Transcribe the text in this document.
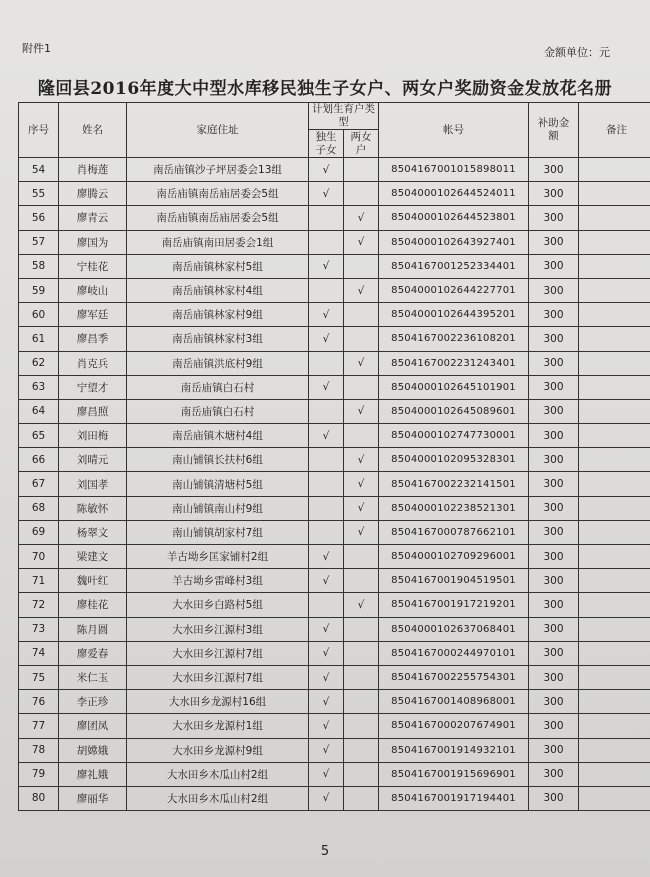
附件1	金额单位：元
隆回县2016年度大中型水库移民独生子女户、两女户奖励资金发放花名册
序号	姓名	家庭住址	计划生育户类型		帐号	补助金额	备注
			独生子女	两女户			
54	肖梅莲	南岳庙镇沙子坪居委会13组	√		8504167001015898011	300	
55	廖腾云	南岳庙镇南岳庙居委会5组	√		8504000102644524011	300	
56	廖青云	南岳庙镇南岳庙居委会5组		√	8504000102644523801	300	
57	廖国为	南岳庙镇南田居委会1组		√	8504000102643927401	300	
58	宁桂花	南岳庙镇林家村5组	√		8504167001252334401	300	
59	廖岐山	南岳庙镇林家村4组		√	8504000102644227701	300	
60	廖军廷	南岳庙镇林家村9组	√		8504000102644395201	300	
61	廖昌季	南岳庙镇林家村3组	√		8504167002236108201	300	
62	肖克兵	南岳庙镇洪底村9组		√	8504167002231243401	300	
63	宁望才	南岳庙镇白石村	√		8504000102645101901	300	
64	廖昌照	南岳庙镇白石村		√	8504000102645089601	300	
65	刘田梅	南岳庙镇木塘村4组	√		8504000102747730001	300	
66	刘晴元	南山铺镇长扶村6组		√	8504000102095328301	300	
67	刘国孝	南山铺镇清塘村5组		√	8504167002232141501	300	
68	陈敏怀	南山铺镇南山村9组		√	8504000102238521301	300	
69	杨翠文	南山铺镇胡家村7组		√	8504167000787662101	300	
70	梁建文	羊古坳乡匡家铺村2组	√		8504000102709296001	300	
71	魏叶红	羊古坳乡雷峰村3组	√		8504167001904519501	300	
72	廖桂花	大水田乡白路村5组		√	8504167001917219201	300	
73	陈月圆	大水田乡江源村3组	√		8504000102637068401	300	
74	廖爱春	大水田乡江源村7组	√		8504167000244970101	300	
75	米仁玉	大水田乡江源村7组	√		8504167002255754301	300	
76	李正珍	大水田乡龙源村16组	√		8504167001408968001	300	
77	廖团凤	大水田乡龙源村1组	√		8504167000207674901	300	
78	胡嫦娥	大水田乡龙源村9组	√		8504167001914932101	300	
79	廖礼娥	大水田乡木瓜山村2组	√		8504167001915696901	300	
80	廖丽华	大水田乡木瓜山村2组	√		8504167001917194401	300	
5
